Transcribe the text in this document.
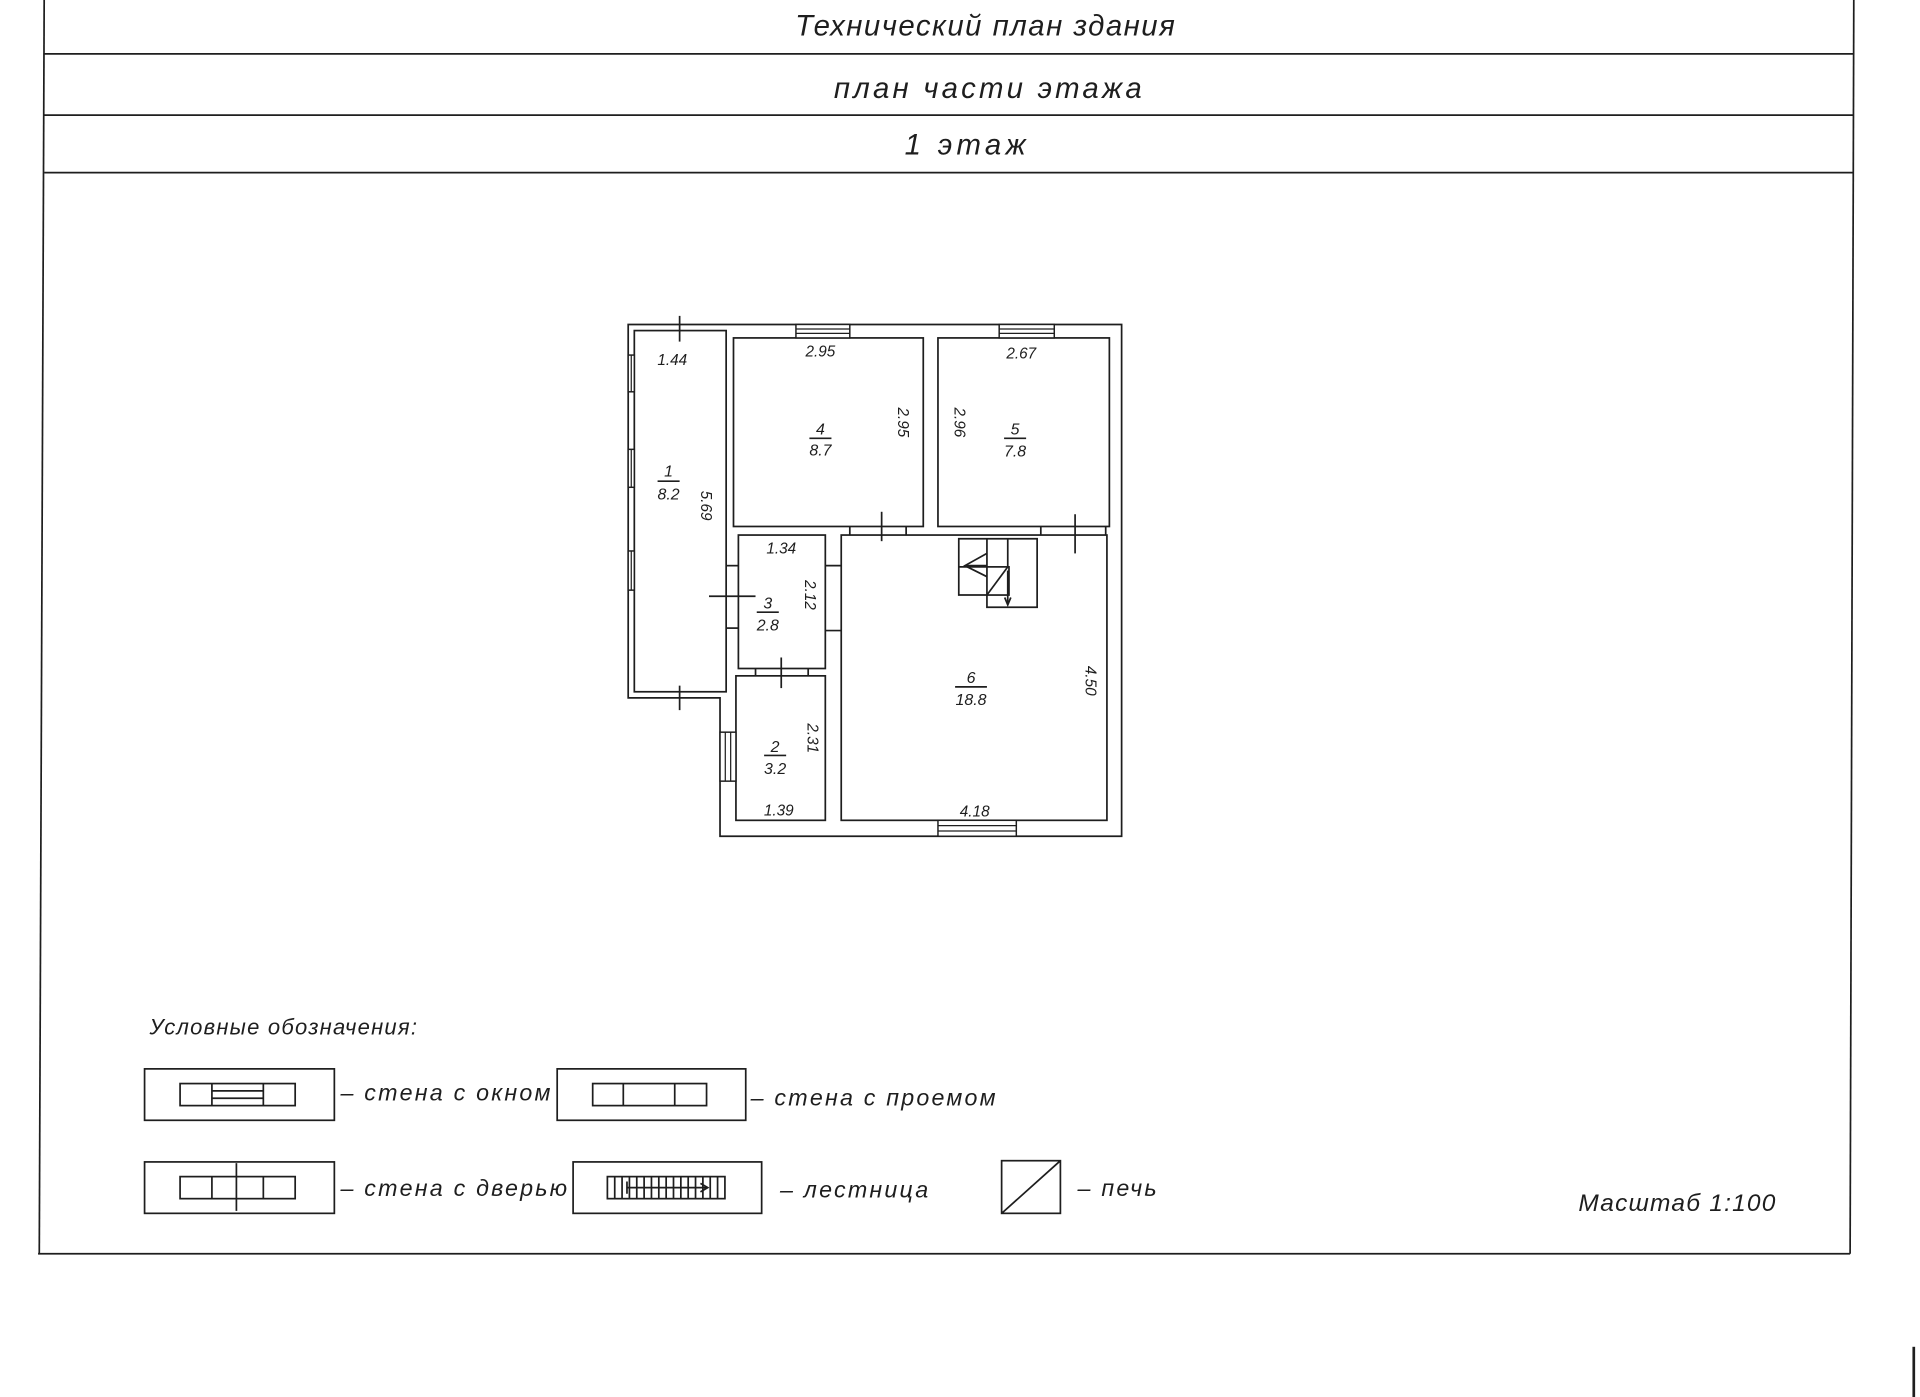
Технический план здания
план части этажа
1 этаж
1
8.2
1.44
5.69
2
3.2
2.31
1.39
3
2.8
1.34
2.12
4
8.7
2.95
2.95	5
7.8
2.67
2.96
6
18.8
4.50
4.18
Условные обозначения:
– стена с окном	– стена с проемом
– стена с дверью	– лестница	– печь
Масштаб 1:100
